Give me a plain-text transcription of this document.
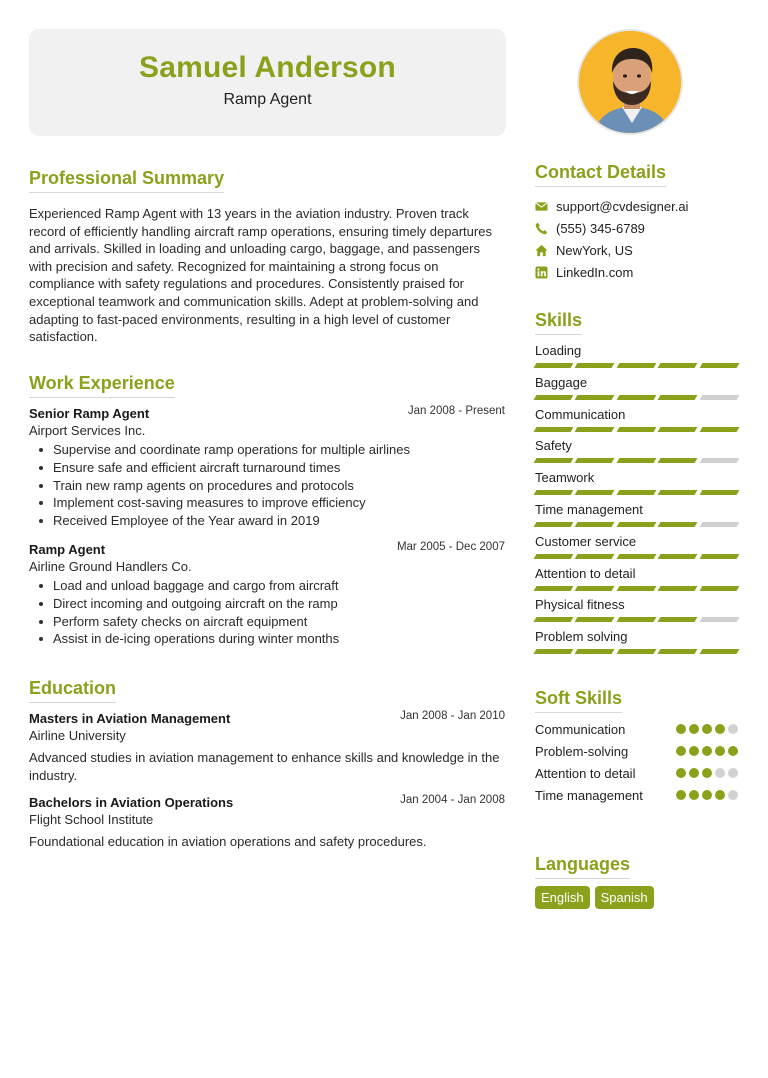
Samuel Anderson
Ramp Agent
Professional Summary
Experienced Ramp Agent with 13 years in the aviation industry. Proven track record of efficiently handling aircraft ramp operations, ensuring timely departures and arrivals. Skilled in loading and unloading cargo, baggage, and passengers with precision and safety. Recognized for maintaining a strong focus on compliance with safety regulations and procedures. Consistently praised for exceptional teamwork and communication skills. Adept at problem-solving and adapting to fast-paced environments, resulting in a high level of customer satisfaction.
Work Experience
Senior Ramp Agent	Jan 2008 - Present
Airport Services Inc.
Supervise and coordinate ramp operations for multiple airlines
Ensure safe and efficient aircraft turnaround times
Train new ramp agents on procedures and protocols
Implement cost-saving measures to improve efficiency
Received Employee of the Year award in 2019
Ramp Agent	Mar 2005 - Dec 2007
Airline Ground Handlers Co.
Load and unload baggage and cargo from aircraft
Direct incoming and outgoing aircraft on the ramp
Perform safety checks on aircraft equipment
Assist in de-icing operations during winter months
Education
Masters in Aviation Management	Jan 2008 - Jan 2010
Airline University
Advanced studies in aviation management to enhance skills and knowledge in the industry.
Bachelors in Aviation Operations	Jan 2004 - Jan 2008
Flight School Institute
Foundational education in aviation operations and safety procedures.
Contact Details
support@cvdesigner.ai
(555) 345-6789
NewYork, US
LinkedIn.com
Skills
Loading
Baggage
Communication
Safety
Teamwork
Time management
Customer service
Attention to detail
Physical fitness
Problem solving
Soft Skills
Communication
Problem-solving
Attention to detail
Time management
Languages
English	Spanish
